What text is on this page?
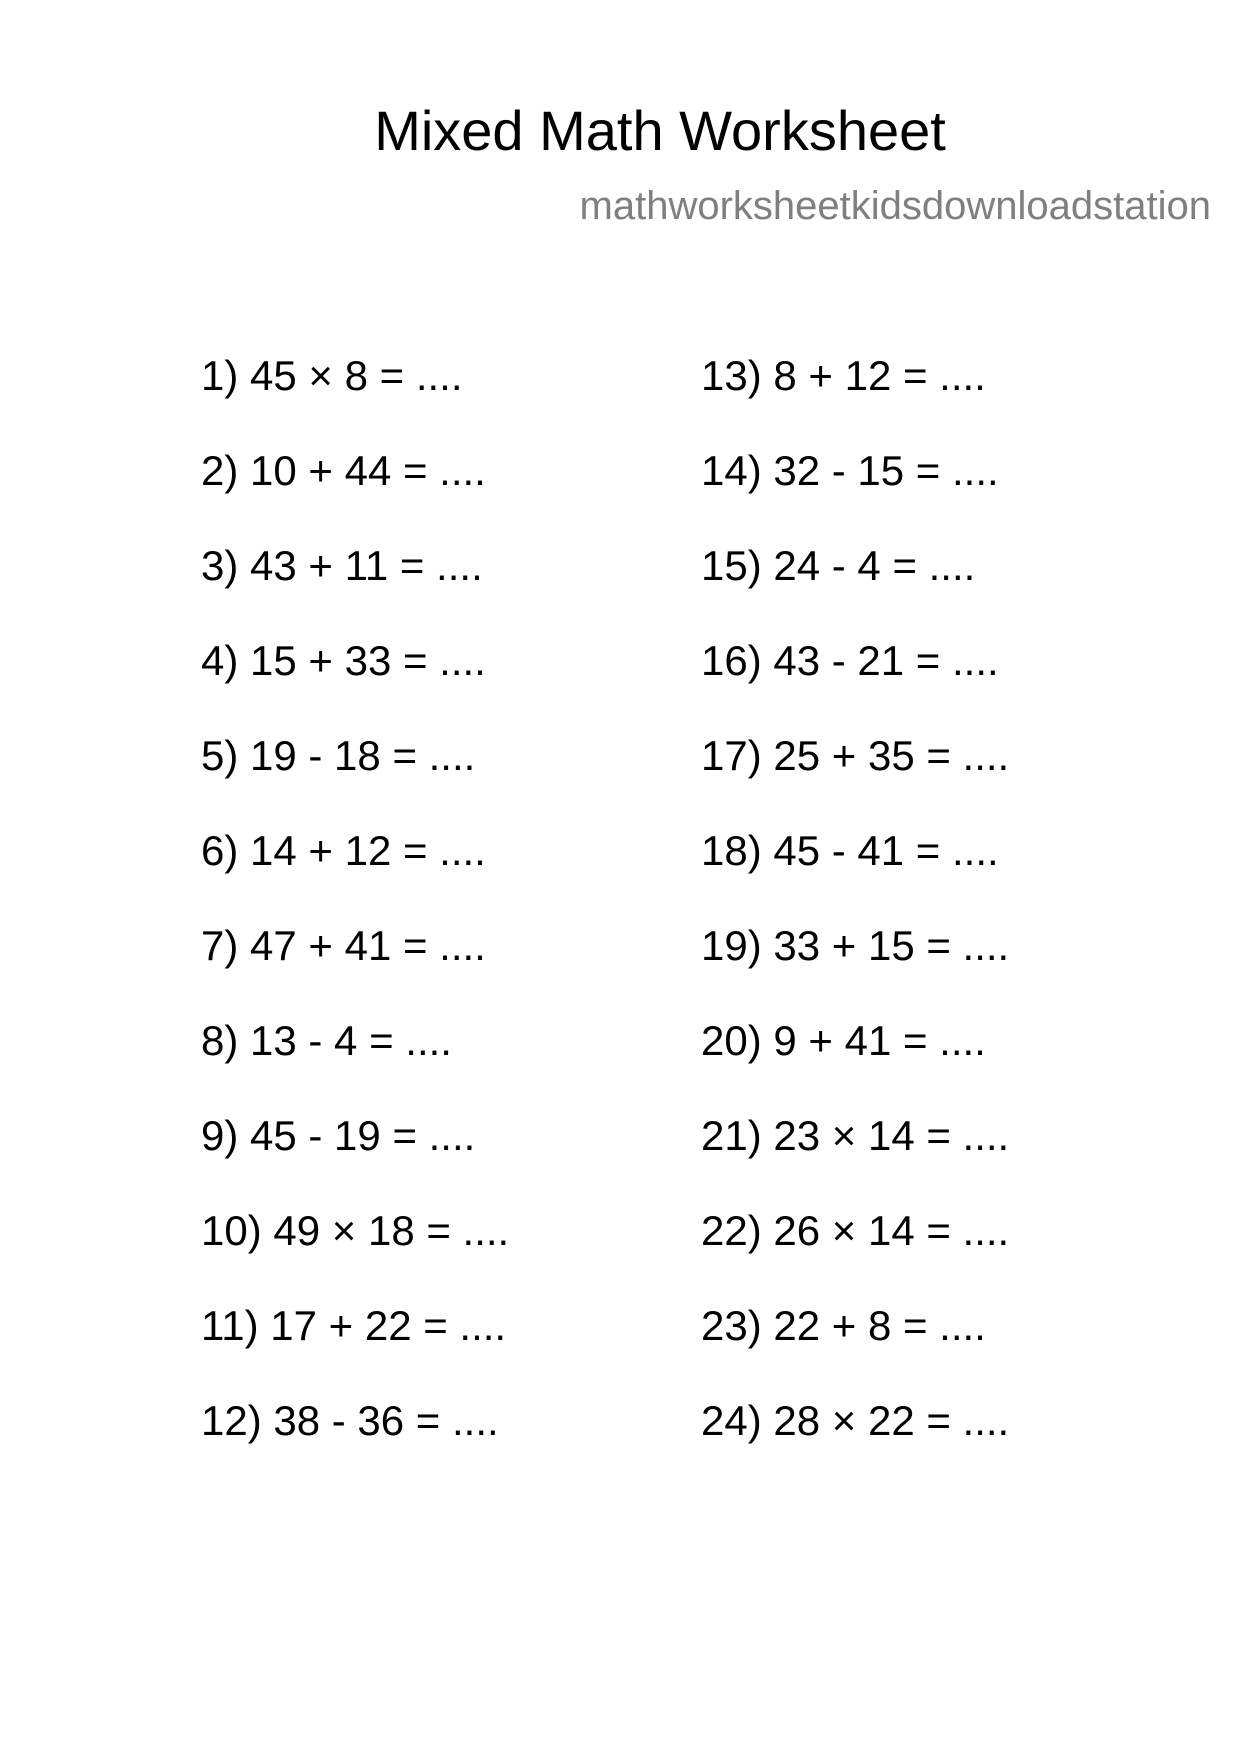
Mixed Math Worksheet
mathworksheetkidsdownloadstation
1) 45 × 8 = ....
2) 10 + 44 = ....
3) 43 + 11 = ....
4) 15 + 33 = ....
5) 19 - 18 = ....
6) 14 + 12 = ....
7) 47 + 41 = ....
8) 13 - 4 = ....
9) 45 - 19 = ....
10) 49 × 18 = ....
11) 17 + 22 = ....
12) 38 - 36 = ....
13) 8 + 12 = ....
14) 32 - 15 = ....
15) 24 - 4 = ....
16) 43 - 21 = ....
17) 25 + 35 = ....
18) 45 - 41 = ....
19) 33 + 15 = ....
20) 9 + 41 = ....
21) 23 × 14 = ....
22) 26 × 14 = ....
23) 22 + 8 = ....
24) 28 × 22 = ....
